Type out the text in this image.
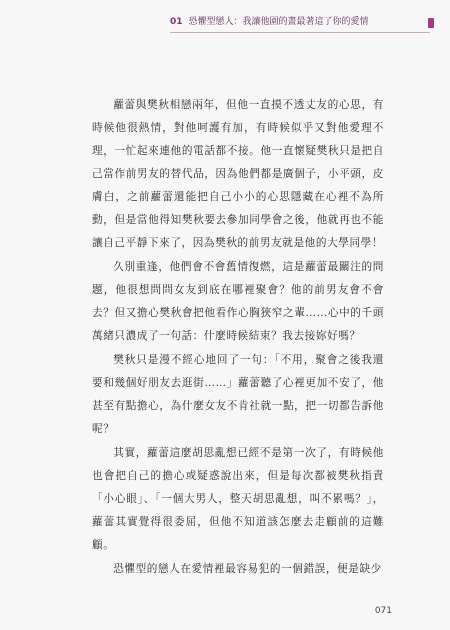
01 恐懼型戀人：我讓他園的畫最著這了你的愛情

蘿蕾與樊秋相戀兩年，但他一直摸不透丈友的心思，有時候他很熱情，對他呵護有加，有時候似乎又對他愛理不理，一忙起來連他的電話都不接。他一直懷疑樊秋只是把自己當作前男友的替代品，因為他們都是廣個子，小平頭，皮膚白，之前蘿蕾還能把自己小小的心思隱藏在心裡不為所動，但是當他得知樊秋要去參加同學會之後，他就再也不能讓自己平靜下來了，因為樊秋的前男友就是他的大學同學！

久別重逢，他們會不會舊情復燃，這是蘿蕾最關注的問題，他很想問問女友到底在哪裡聚會？他的前男友會不會去？但又擔心樊秋會把他看作心胸狹窄之輩……心中的千頭萬緒只濃成了一句話：什麼時候結束？我去接妳好嗎？

樊秋只是漫不經心地回了一句：「不用，聚會之後我還要和幾個好朋友去逛街……」蘿蕾聽了心裡更加不安了，他甚至有點擔心，為什麼女友不肯社就一點，把一切都告訴他呢？

其實，蘿蕾這麼胡思亂想已經不是第一次了，有時候他也會把自己的擔心或疑惑說出來，但是每次都被樊秋指責「小心眼」、「一個大男人，整天胡思亂想，叫不累嗎？」，蘿蕾其實覺得很委屈，但他不知道該怎麼去走顧前的這難顧。

恐懼型的戀人在愛情裡最容易犯的一個錯誤，便是缺少

071
